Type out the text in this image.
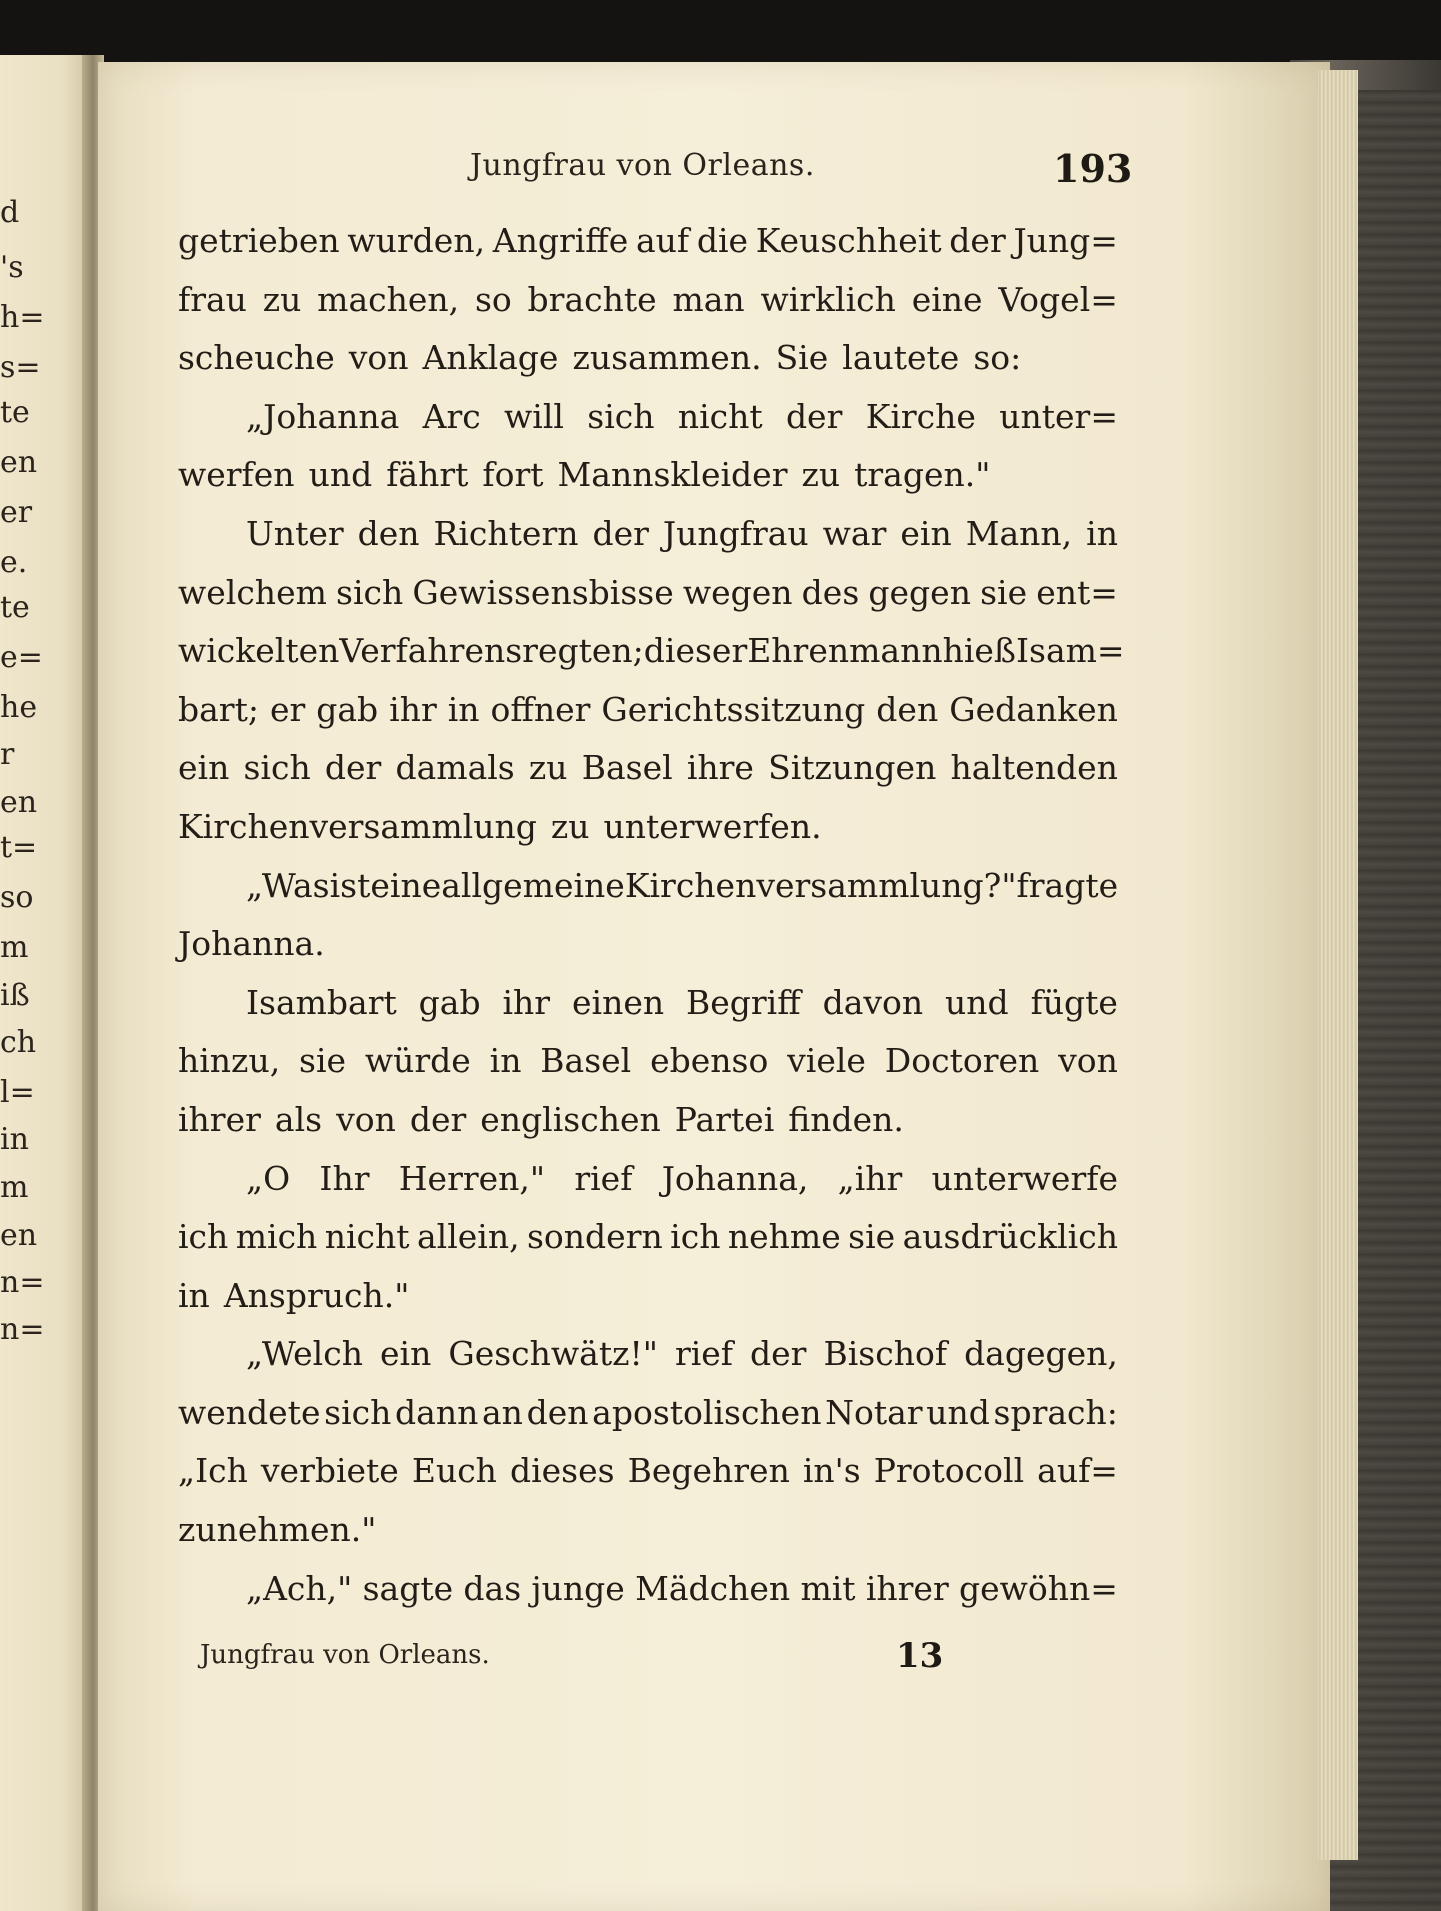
d
's
h=
s=
te
en
er
e.
te
e=
he
r
en
t=
so
m
iß
ch
l=
in
m
en
n=
n=
Jungfrau von Orleans.	193
getrieben wurden, Angriffe auf die Keuschheit der Jung=
frau zu machen, so brachte man wirklich eine Vogel=
scheuche von Anklage zusammen. Sie lautete so:
„Johanna Arc will sich nicht der Kirche unter=
werfen und fährt fort Mannskleider zu tragen."
Unter den Richtern der Jungfrau war ein Mann, in
welchem sich Gewissensbisse wegen des gegen sie ent=
wickelten Verfahrens regten; dieser Ehrenmann hieß Isam=
bart; er gab ihr in offner Gerichtssitzung den Gedanken
ein sich der damals zu Basel ihre Sitzungen haltenden
Kirchenversammlung zu unterwerfen.
„Was ist eine allgemeine Kirchenversammlung?" fragte
Johanna.
Isambart gab ihr einen Begriff davon und fügte
hinzu, sie würde in Basel ebenso viele Doctoren von
ihrer als von der englischen Partei finden.
„O Ihr Herren," rief Johanna, „ihr unterwerfe
ich mich nicht allein, sondern ich nehme sie ausdrücklich
in Anspruch."
„Welch ein Geschwätz!" rief der Bischof dagegen,
wendete sich dann an den apostolischen Notar und sprach:
„Ich verbiete Euch dieses Begehren in's Protocoll auf=
zunehmen."
„Ach," sagte das junge Mädchen mit ihrer gewöhn=
Jungfrau von Orleans.	13
